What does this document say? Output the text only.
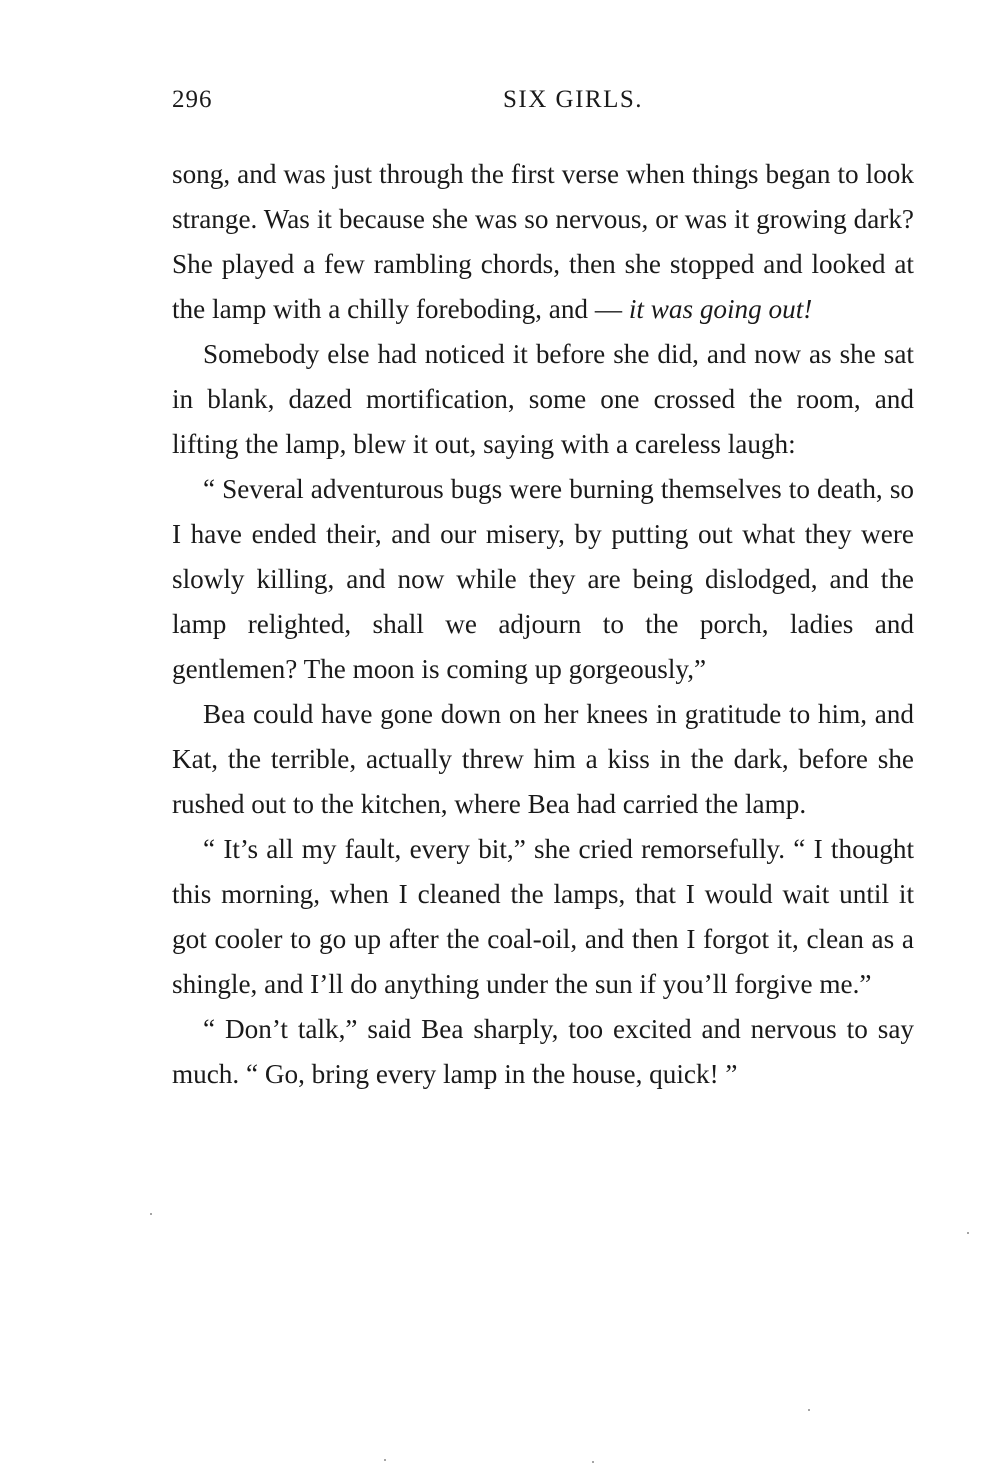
296	SIX GIRLS.

song, and was just through the first verse when things began to look strange. Was it because she was so nervous, or was it growing dark? She played a few rambling chords, then she stopped and looked at the lamp with a chilly foreboding, and — it was going out!

Somebody else had noticed it before she did, and now as she sat in blank, dazed mortification, some one crossed the room, and lifting the lamp, blew it out, saying with a careless laugh:

“ Several adventurous bugs were burning themselves to death, so I have ended their, and our misery, by putting out what they were slowly killing, and now while they are being dislodged, and the lamp relighted, shall we adjourn to the porch, ladies and gentlemen? The moon is coming up gorgeously,”

Bea could have gone down on her knees in gratitude to him, and Kat, the terrible, actually threw him a kiss in the dark, before she rushed out to the kitchen, where Bea had carried the lamp.

“ It’s all my fault, every bit,” she cried remorsefully. “ I thought this morning, when I cleaned the lamps, that I would wait until it got cooler to go up after the coal-oil, and then I forgot it, clean as a shingle, and I’ll do anything under the sun if you’ll forgive me.”

“ Don’t talk,” said Bea sharply, too excited and nervous to say much. “ Go, bring every lamp in the house, quick! ”
